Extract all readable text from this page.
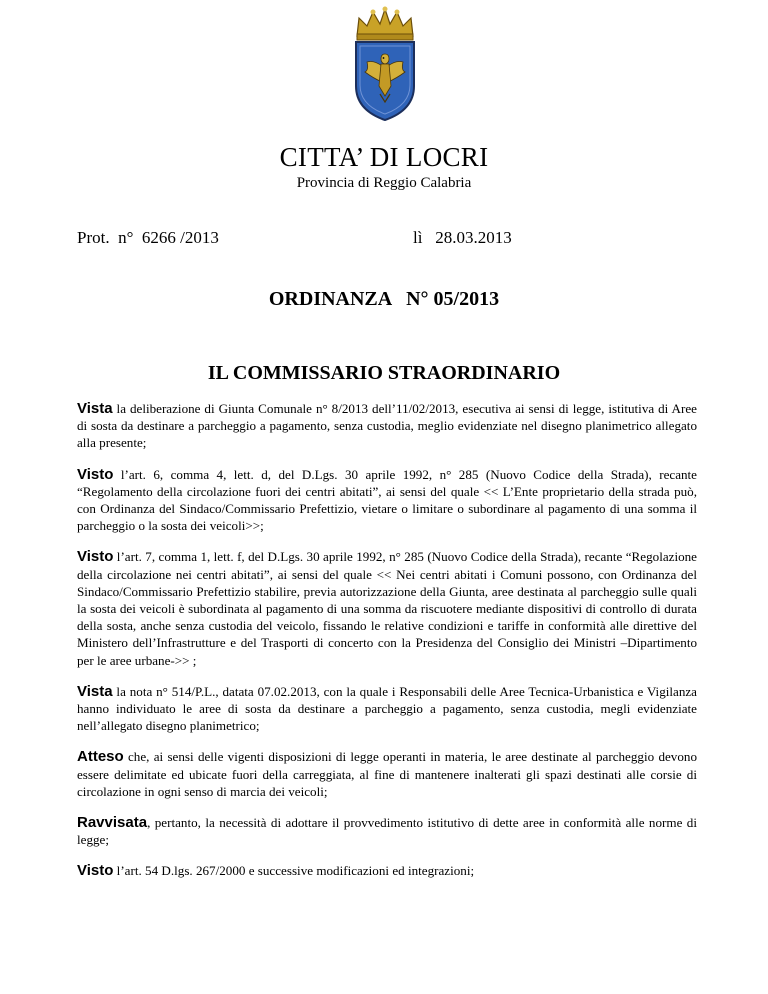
CITTA’ DI LOCRI
Provincia di Reggio Calabria
Prot.  n°  6266 /2013	lì   28.03.2013
ORDINANZA   N° 05/2013
IL COMMISSARIO STRAORDINARIO

Vista la deliberazione di Giunta Comunale n° 8/2013 dell’11/02/2013, esecutiva ai sensi di legge, istitutiva di Aree di sosta da destinare a parcheggio a pagamento, senza custodia, meglio evidenziate nel disegno planimetrico allegato alla presente;

Visto l’art. 6, comma 4, lett. d, del D.Lgs. 30 aprile 1992, n° 285 (Nuovo Codice della Strada), recante “Regolamento della circolazione fuori dei centri abitati”, ai sensi del quale << L’Ente proprietario della strada può, con Ordinanza del Sindaco/Commissario Prefettizio, vietare o limitare o subordinare al pagamento di una somma il parcheggio o la sosta dei veicoli>>;

Visto l’art. 7, comma 1, lett. f, del D.Lgs. 30 aprile 1992, n° 285 (Nuovo Codice della Strada), recante “Regolazione della circolazione nei centri abitati”, ai sensi del quale << Nei centri abitati i Comuni possono, con Ordinanza del Sindaco/Commissario Prefettizio stabilire, previa autorizzazione della Giunta, aree destinata al parcheggio sulle quali la sosta dei veicoli è subordinata al pagamento di una somma da riscuotere mediante dispositivi di controllo di durata della sosta, anche senza custodia del veicolo, fissando le relative condizioni e tariffe in conformità alle direttive del Ministero dell’Infrastrutture e del Trasporti di concerto con la Presidenza del Consiglio dei Ministri –Dipartimento per le aree urbane->> ;

Vista la nota n° 514/P.L., datata 07.02.2013, con la quale i Responsabili delle Aree Tecnica-Urbanistica e Vigilanza hanno individuato le aree di sosta da destinare a parcheggio a pagamento, senza custodia, megli evidenziate nell’allegato disegno planimetrico;

Atteso che, ai sensi delle vigenti disposizioni di legge operanti in materia, le aree destinate al parcheggio devono essere delimitate ed ubicate fuori della carreggiata, al fine di mantenere inalterati gli spazi destinati alle corsie di circolazione in ogni senso di marcia dei veicoli;

Ravvisata, pertanto, la necessità di adottare il provvedimento istitutivo di dette aree in conformità alle norme di legge;

Visto l’art. 54 D.lgs. 267/2000 e successive modificazioni ed integrazioni;
